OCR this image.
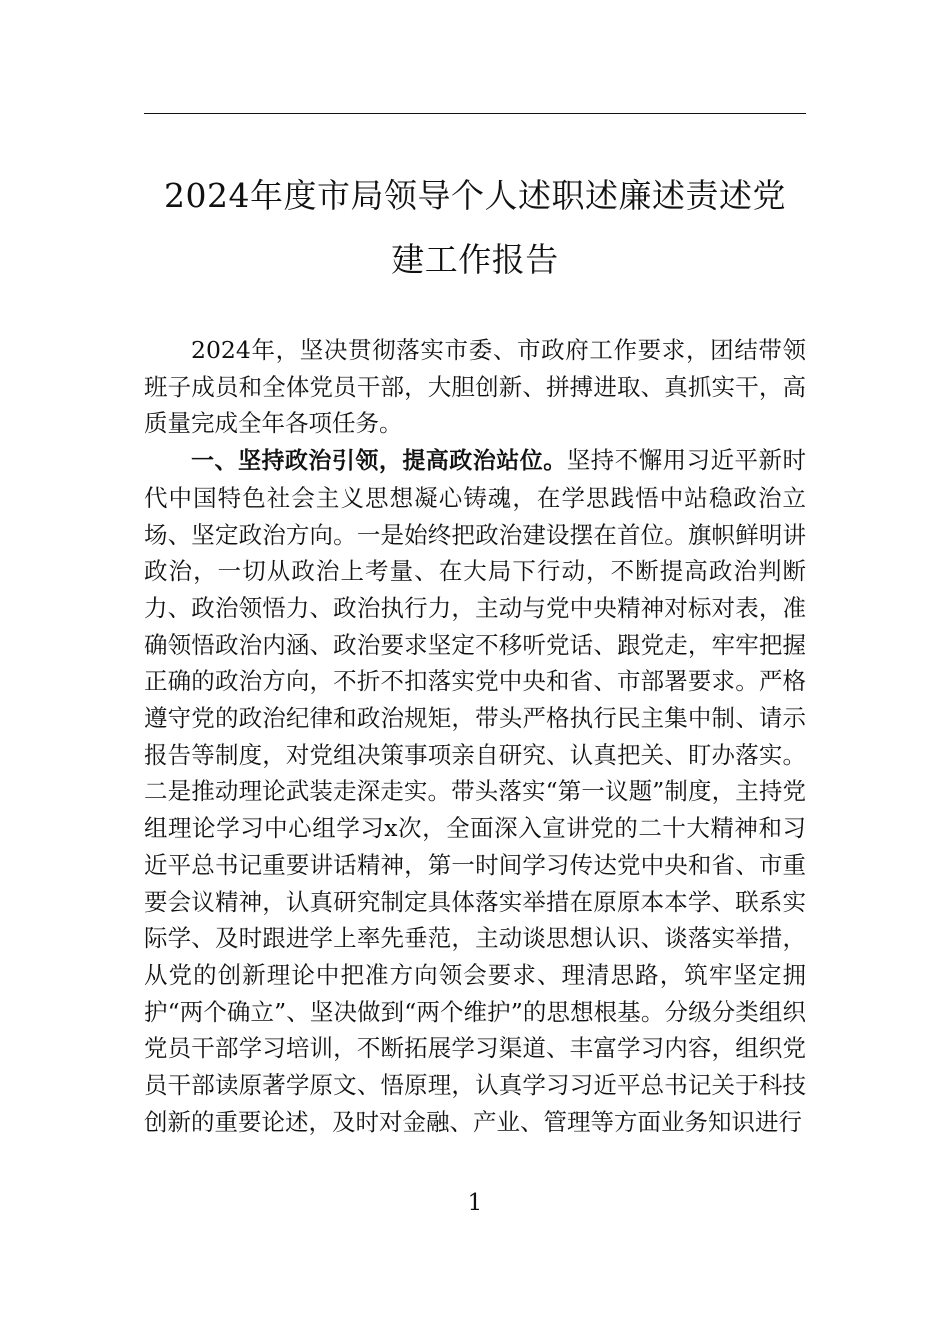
2024年度市局领导个人述职述廉述责述党
建工作报告

2024年，坚决贯彻落实市委、市政府工作要求，团结带领班子成员和全体党员干部，大胆创新、拼搏进取、真抓实干，高质量完成全年各项任务。

一、坚持政治引领，提高政治站位。坚持不懈用习近平新时代中国特色社会主义思想凝心铸魂，在学思践悟中站稳政治立场、坚定政治方向。一是始终把政治建设摆在首位。旗帜鲜明讲政治，一切从政治上考量、在大局下行动，不断提高政治判断力、政治领悟力、政治执行力，主动与党中央精神对标对表，准确领悟政治内涵、政治要求坚定不移听党话、跟党走，牢牢把握正确的政治方向，不折不扣落实党中央和省、市部署要求。严格遵守党的政治纪律和政治规矩，带头严格执行民主集中制、请示报告等制度，对党组决策事项亲自研究、认真把关、盯办落实。二是推动理论武装走深走实。带头落实“第一议题”制度，主持党组理论学习中心组学习x次，全面深入宣讲党的二十大精神和习近平总书记重要讲话精神，第一时间学习传达党中央和省、市重要会议精神，认真研究制定具体落实举措在原原本本学、联系实际学、及时跟进学上率先垂范，主动谈思想认识、谈落实举措，从党的创新理论中把准方向领会要求、理清思路，筑牢坚定拥护“两个确立”、坚决做到“两个维护”的思想根基。分级分类组织党员干部学习培训，不断拓展学习渠道、丰富学习内容，组织党员干部读原著学原文、悟原理，认真学习习近平总书记关于科技创新的重要论述，及时对金融、产业、管理等方面业务知识进行

1
